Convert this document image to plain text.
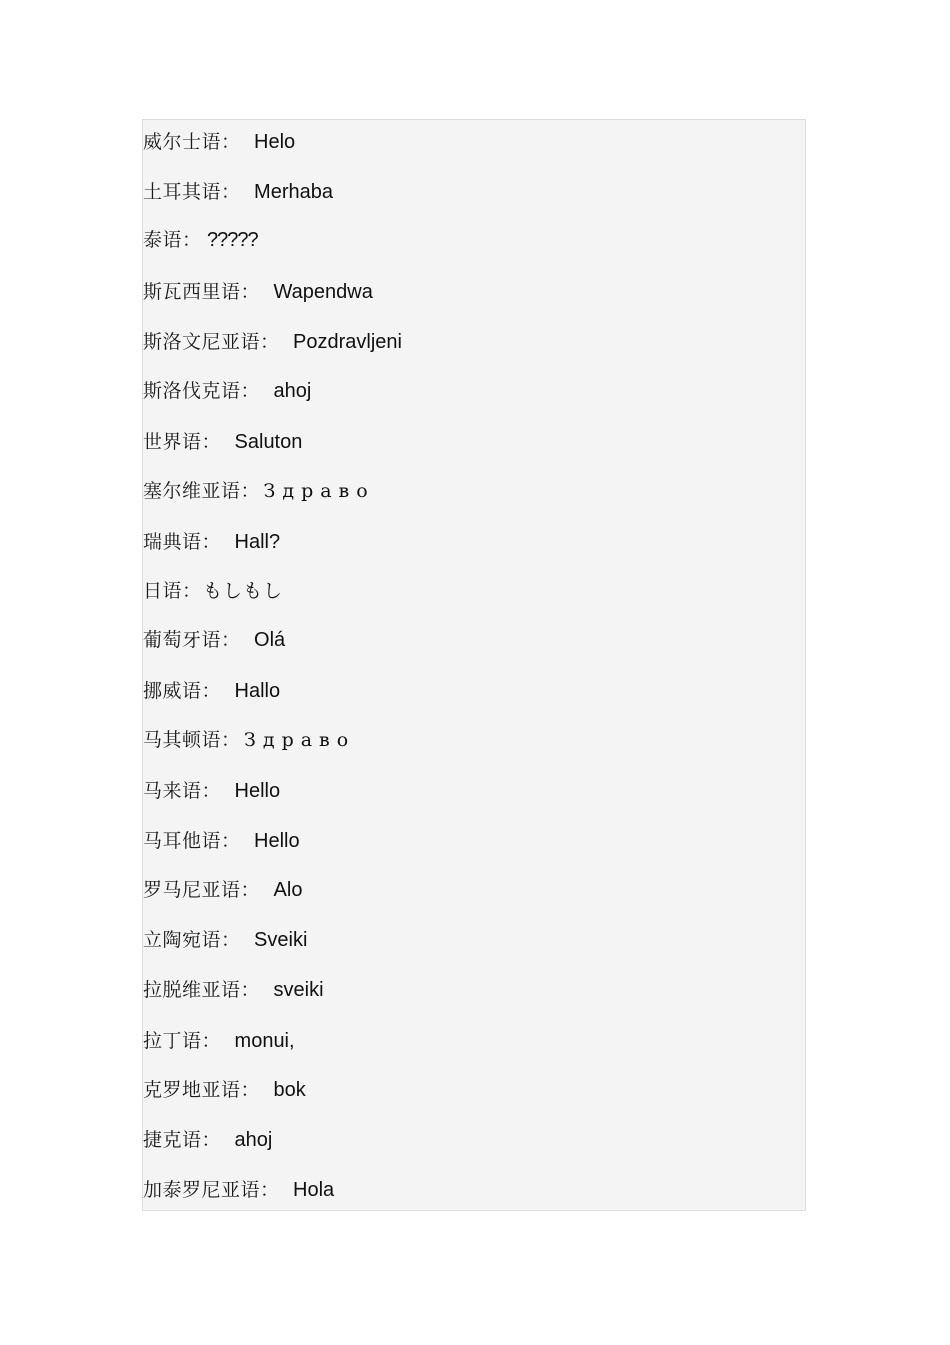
威尔士语： Helo
土耳其语： Merhaba
泰语： ?????
斯瓦西里语： Wapendwa
斯洛文尼亚语： Pozdravljeni
斯洛伐克语： ahoj
世界语： Saluton
塞尔维亚语： Здраво
瑞典语： Hall?
日语： もしもし
葡萄牙语： Olá
挪威语： Hallo
马其顿语： Здраво
马来语： Hello
马耳他语： Hello
罗马尼亚语： Alo
立陶宛语： Sveiki
拉脱维亚语： sveiki
拉丁语： monui,
克罗地亚语： bok
捷克语： ahoj
加泰罗尼亚语： Hola
